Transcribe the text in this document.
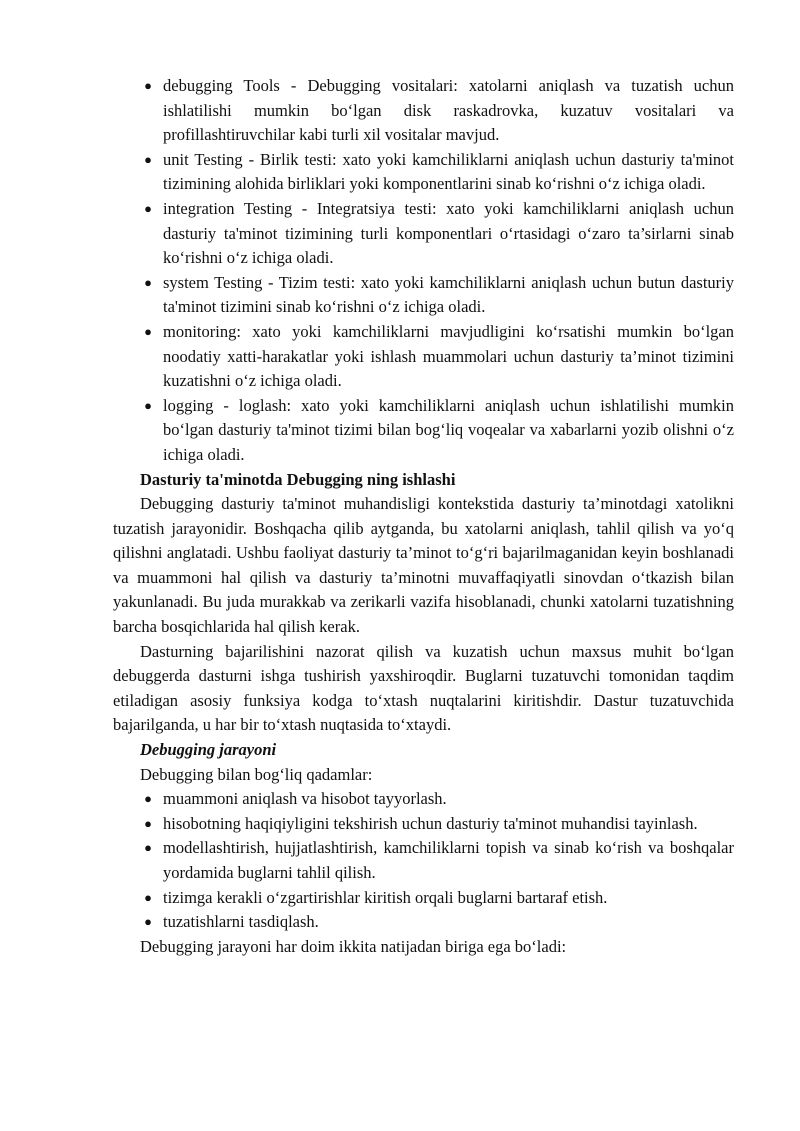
● debugging Tools - Debugging vositalari: xatolarni aniqlash va tuzatish uchun ishlatilishi mumkin bo‘lgan disk raskadrovka, kuzatuv vositalari va profillashtiruvchilar kabi turli xil vositalar mavjud.
● unit Testing - Birlik testi: xato yoki kamchiliklarni aniqlash uchun dasturiy ta'minot tizimining alohida birliklari yoki komponentlarini sinab ko‘rishni o‘z ichiga oladi.
● integration Testing - Integratsiya testi: xato yoki kamchiliklarni aniqlash uchun dasturiy ta'minot tizimining turli komponentlari o‘rtasidagi o‘zaro ta’sirlarni sinab ko‘rishni o‘z ichiga oladi.
● system Testing - Tizim testi: xato yoki kamchiliklarni aniqlash uchun butun dasturiy ta'minot tizimini sinab ko‘rishni o‘z ichiga oladi.
● monitoring: xato yoki kamchiliklarni mavjudligini ko‘rsatishi mumkin bo‘lgan noodatiy xatti-harakatlar yoki ishlash muammolari uchun dasturiy ta’minot tizimini kuzatishni o‘z ichiga oladi.
● logging - loglash: xato yoki kamchiliklarni aniqlash uchun ishlatilishi mumkin bo‘lgan dasturiy ta'minot tizimi bilan bog‘liq voqealar va xabarlarni yozib olishni o‘z ichiga oladi.

Dasturiy ta'minotda Debugging ning ishlashi

Debugging dasturiy ta'minot muhandisligi kontekstida dasturiy ta’minotdagi xatolikni tuzatish jarayonidir. Boshqacha qilib aytganda, bu xatolarni aniqlash, tahlil qilish va yo‘q qilishni anglatadi. Ushbu faoliyat dasturiy ta’minot to‘g‘ri bajarilmaganidan keyin boshlanadi va muammoni hal qilish va dasturiy ta’minotni muvaffaqiyatli sinovdan o‘tkazish bilan yakunlanadi. Bu juda murakkab va zerikarli vazifa hisoblanadi, chunki xatolarni tuzatishning barcha bosqichlarida hal qilish kerak.

Dasturning bajarilishini nazorat qilish va kuzatish uchun maxsus muhit bo‘lgan debuggerda dasturni ishga tushirish yaxshiroqdir. Buglarni tuzatuvchi tomonidan taqdim etiladigan asosiy funksiya kodga to‘xtash nuqtalarini kiritishdir. Dastur tuzatuvchida bajarilganda, u har bir to‘xtash nuqtasida to‘xtaydi.

Debugging jarayoni

Debugging bilan bog‘liq qadamlar:

● muammoni aniqlash va hisobot tayyorlash.
● hisobotning haqiqiyligini tekshirish uchun dasturiy ta'minot muhandisi tayinlash.
● modellashtirish, hujjatlashtirish, kamchiliklarni topish va sinab ko‘rish va boshqalar yordamida buglarni tahlil qilish.
● tizimga kerakli o‘zgartirishlar kiritish orqali buglarni bartaraf etish.
● tuzatishlarni tasdiqlash.

Debugging jarayoni har doim ikkita natijadan biriga ega bo‘ladi:
